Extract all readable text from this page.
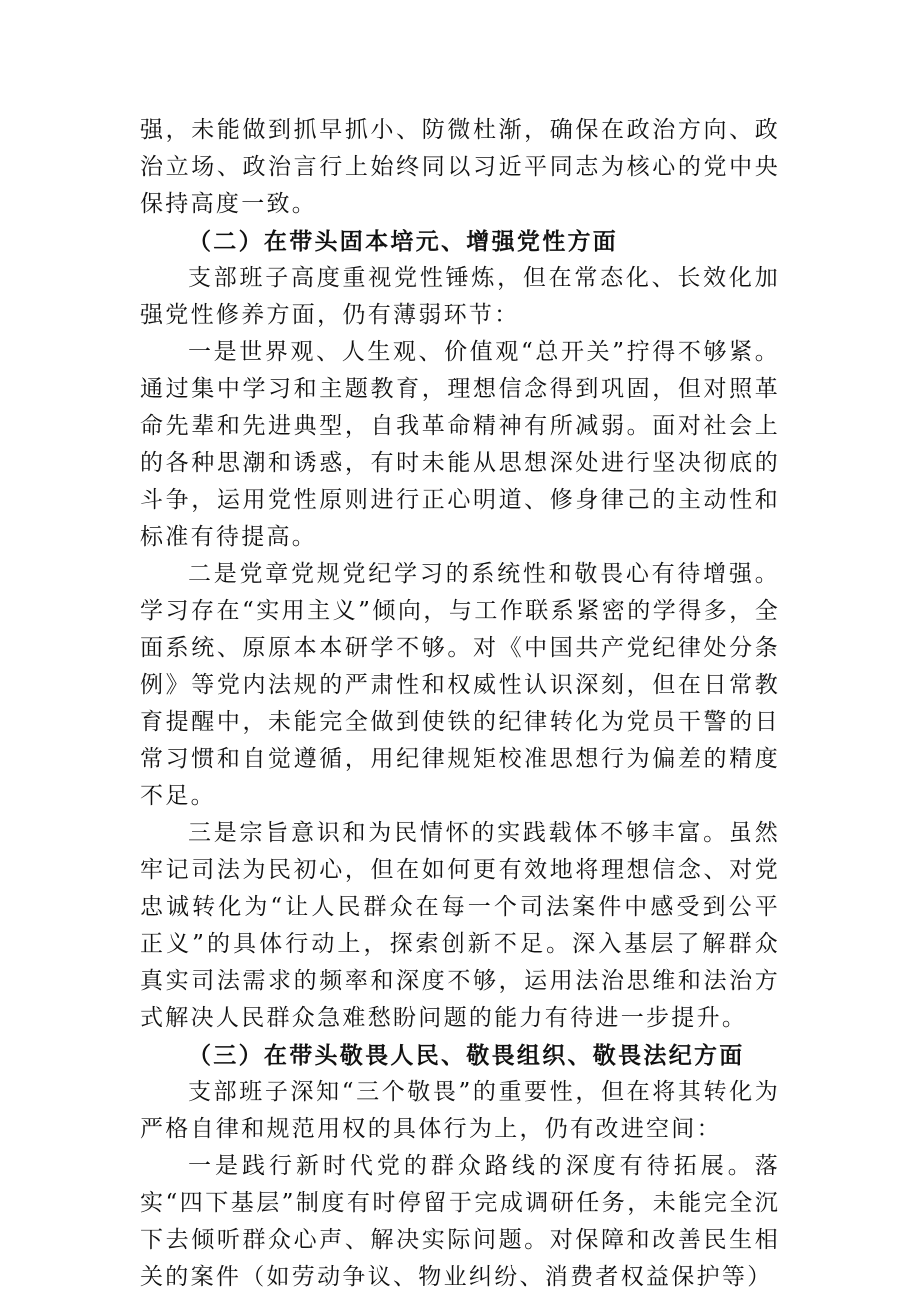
强，未能做到抓早抓小、防微杜渐，确保在政治方向、政治立场、政治言行上始终同以习近平同志为核心的党中央保持高度一致。

（二）在带头固本培元、增强党性方面

支部班子高度重视党性锤炼，但在常态化、长效化加强党性修养方面，仍有薄弱环节：

一是世界观、人生观、价值观“总开关”拧得不够紧。通过集中学习和主题教育，理想信念得到巩固，但对照革命先辈和先进典型，自我革命精神有所减弱。面对社会上的各种思潮和诱惑，有时未能从思想深处进行坚决彻底的斗争，运用党性原则进行正心明道、修身律己的主动性和标准有待提高。

二是党章党规党纪学习的系统性和敬畏心有待增强。学习存在“实用主义”倾向，与工作联系紧密的学得多，全面系统、原原本本研学不够。对《中国共产党纪律处分条例》等党内法规的严肃性和权威性认识深刻，但在日常教育提醒中，未能完全做到使铁的纪律转化为党员干警的日常习惯和自觉遵循，用纪律规矩校准思想行为偏差的精度不足。

三是宗旨意识和为民情怀的实践载体不够丰富。虽然牢记司法为民初心，但在如何更有效地将理想信念、对党忠诚转化为“让人民群众在每一个司法案件中感受到公平正义”的具体行动上，探索创新不足。深入基层了解群众真实司法需求的频率和深度不够，运用法治思维和法治方式解决人民群众急难愁盼问题的能力有待进一步提升。

（三）在带头敬畏人民、敬畏组织、敬畏法纪方面

支部班子深知“三个敬畏”的重要性，但在将其转化为严格自律和规范用权的具体行为上，仍有改进空间：

一是践行新时代党的群众路线的深度有待拓展。落实“四下基层”制度有时停留于完成调研任务，未能完全沉下去倾听群众心声、解决实际问题。对保障和改善民生相关的案件（如劳动争议、物业纠纷、消费者权益保护等）
